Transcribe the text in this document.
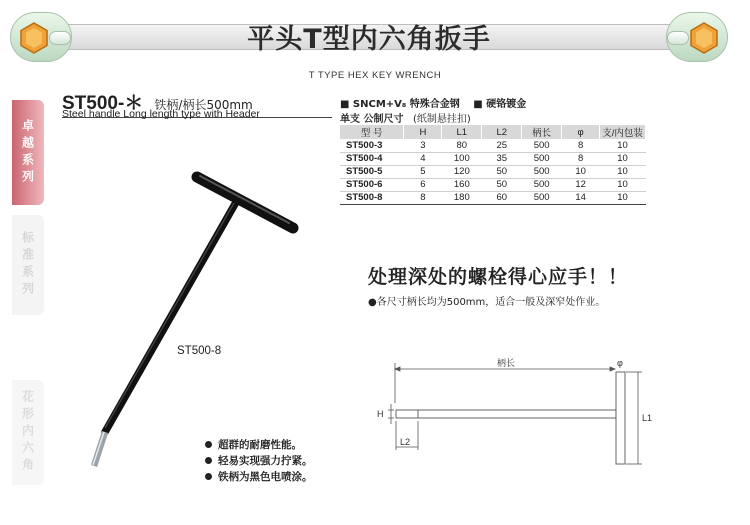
平头T型内六角扳手
T TYPE HEX KEY WRENCH
卓越系列
标准系列
花形内六角
ST500-＊ 铁柄/柄长500mm
Steel handle Long length type with Header
■ SNCM+V₈ 特殊合金钢 ■ 硬铬镀金
单支 公制尺寸 (纸制悬挂扣)
型 号	H	L1	L2	柄长	φ	支/内包装
ST500-3	3	80	25	500	8	10
ST500-4	4	100	35	500	8	10
ST500-5	5	120	50	500	10	10
ST500-6	6	160	50	500	12	10
ST500-8	8	180	60	500	14	10
处理深处的螺栓得心应手！！
●各尺寸柄长均为500mm，适合一般及深窄处作业。
ST500-8
超群的耐磨性能。
轻易实现强力拧紧。
铁柄为黑色电喷涂。
柄长	φ
H
L2
L1
